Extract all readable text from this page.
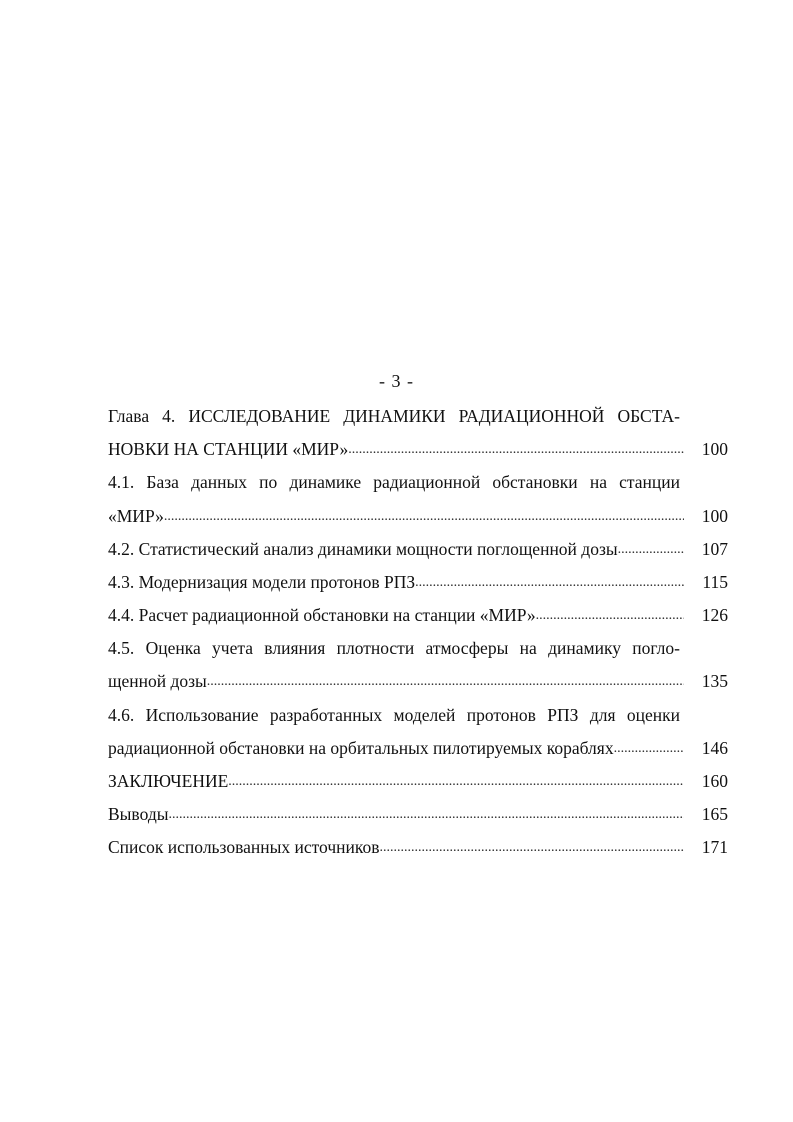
- 3 -
Глава 4. ИССЛЕДОВАНИЕ ДИНАМИКИ РАДИАЦИОННОЙ ОБСТА-
НОВКИ НА СТАНЦИИ «МИР» .....	100
4.1. База данных по динамике радиационной обстановки на станции
«МИР» .....	100
4.2. Статистический анализ динамики мощности поглощенной дозы .....	107
4.3. Модернизация модели протонов РПЗ .....	115
4.4. Расчет радиационной обстановки на станции «МИР» .....	126
4.5. Оценка учета влияния плотности атмосферы на динамику погло-
щенной дозы .....	135
4.6. Использование разработанных моделей протонов РПЗ для оценки
радиационной обстановки на орбитальных пилотируемых кораблях .....	146
ЗАКЛЮЧЕНИЕ .....	160
Выводы .....	165
Список использованных источников .....	171
